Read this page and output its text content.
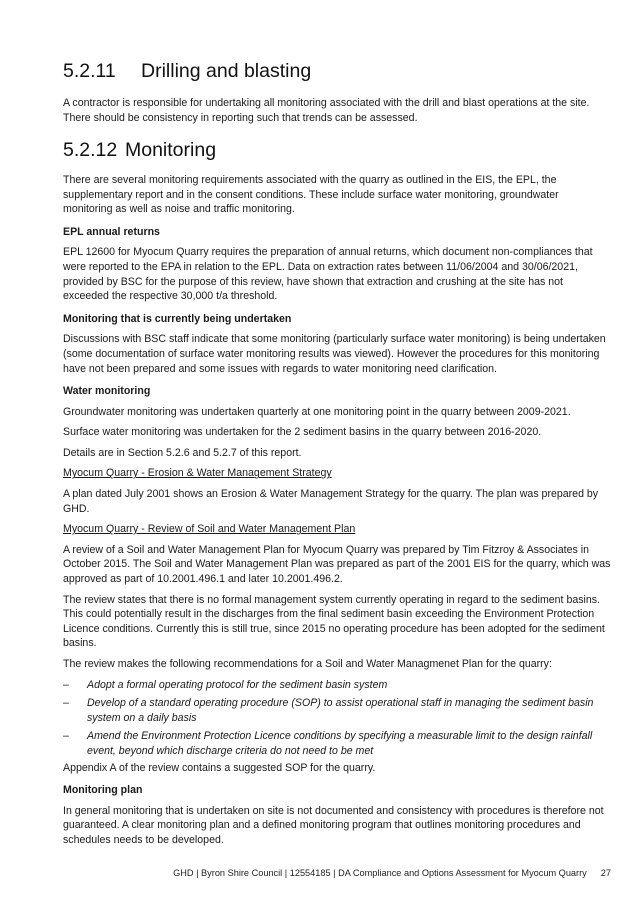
5.2.11 Drilling and blasting

A contractor is responsible for undertaking all monitoring associated with the drill and blast operations at the site. There should be consistency in reporting such that trends can be assessed.

5.2.12 Monitoring

There are several monitoring requirements associated with the quarry as outlined in the EIS, the EPL, the supplementary report and in the consent conditions. These include surface water monitoring, groundwater monitoring as well as noise and traffic monitoring.

EPL annual returns

EPL 12600 for Myocum Quarry requires the preparation of annual returns, which document non-compliances that were reported to the EPA in relation to the EPL. Data on extraction rates between 11/06/2004 and 30/06/2021, provided by BSC for the purpose of this review, have shown that extraction and crushing at the site has not exceeded the respective 30,000 t/a threshold.

Monitoring that is currently being undertaken

Discussions with BSC staff indicate that some monitoring (particularly surface water monitoring) is being undertaken (some documentation of surface water monitoring results was viewed). However the procedures for this monitoring have not been prepared and some issues with regards to water monitoring need clarification.

Water monitoring

Groundwater monitoring was undertaken quarterly at one monitoring point in the quarry between 2009-2021.

Surface water monitoring was undertaken for the 2 sediment basins in the quarry between 2016-2020.

Details are in Section 5.2.6 and 5.2.7 of this report.

Myocum Quarry - Erosion & Water Management Strategy

A plan dated July 2001 shows an Erosion & Water Management Strategy for the quarry. The plan was prepared by GHD.

Myocum Quarry - Review of Soil and Water Management Plan

A review of a Soil and Water Management Plan for Myocum Quarry was prepared by Tim Fitzroy & Associates in October 2015. The Soil and Water Management Plan was prepared as part of the 2001 EIS for the quarry, which was approved as part of 10.2001.496.1 and later 10.2001.496.2.

The review states that there is no formal management system currently operating in regard to the sediment basins. This could potentially result in the discharges from the final sediment basin exceeding the Environment Protection Licence conditions. Currently this is still true, since 2015 no operating procedure has been adopted for the sediment basins.

The review makes the following recommendations for a Soil and Water Managmenet Plan for the quarry:

– Adopt a formal operating protocol for the sediment basin system
– Develop of a standard operating procedure (SOP) to assist operational staff in managing the sediment basin system on a daily basis
– Amend the Environment Protection Licence conditions by specifying a measurable limit to the design rainfall event, beyond which discharge criteria do not need to be met

Appendix A of the review contains a suggested SOP for the quarry.

Monitoring plan

In general monitoring that is undertaken on site is not documented and consistency with procedures is therefore not guaranteed. A clear monitoring plan and a defined monitoring program that outlines monitoring procedures and schedules needs to be developed.

GHD | Byron Shire Council | 12554185 | DA Compliance and Options Assessment for Myocum Quarry 27
